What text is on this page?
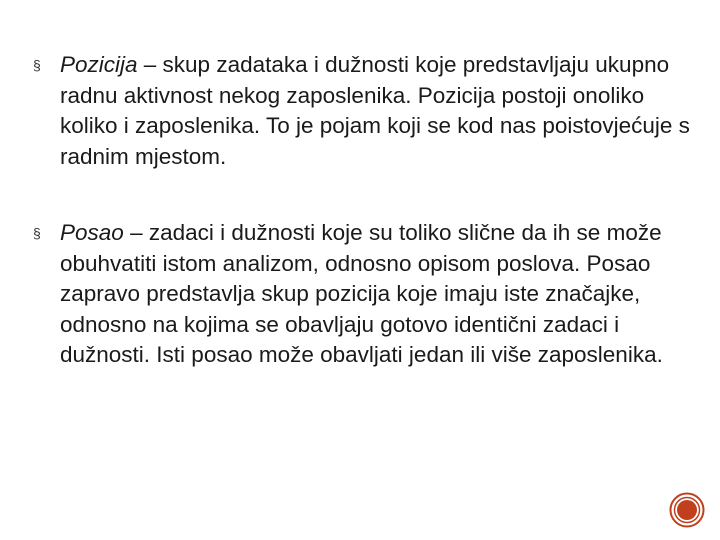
§ Pozicija – skup zadataka i dužnosti koje predstavljaju ukupno radnu aktivnost nekog zaposlenika. Pozicija postoji onoliko koliko i zaposlenika. To je pojam koji se kod nas poistovjećuje s radnim mjestom.
§ Posao – zadaci i dužnosti koje su toliko slične da ih se može obuhvatiti istom analizom, odnosno opisom poslova. Posao zapravo predstavlja skup pozicija koje imaju iste značajke, odnosno na kojima se obavljaju gotovo identični zadaci i dužnosti. Isti posao može obavljati jedan ili više zaposlenika.
